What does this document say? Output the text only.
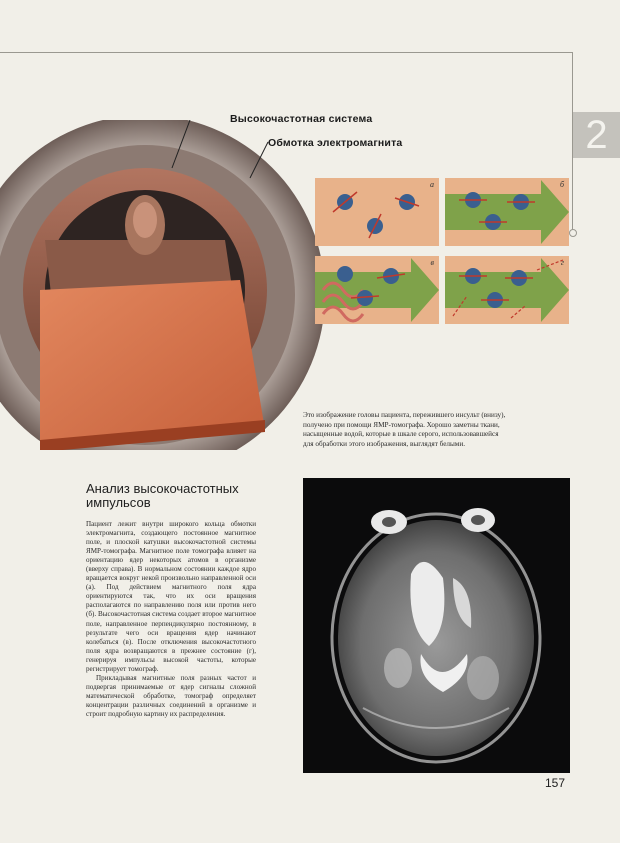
2
Высокочастотная система
Обмотка электромагнита
а	б
в	г
Это изображение головы пациента, пережившего инсульт (внизу), получено при помощи ЯМР-томографа. Хорошо заметны ткани, насыщенные водой, которые в шкале серого, использовавшейся для обработки этого изображения, выглядят белыми.
Анализ высокочастотных импульсов

Пациент лежит внутри широкого кольца обмотки электромагнита, создающего постоянное магнитное поле, и плоской катушки высокочастотной системы ЯМР-томографа. Магнитное поле томографа влияет на ориентацию ядер некоторых атомов в организме (вверху справа). В нормальном состоянии каждое ядро вращается вокруг некой произвольно направленной оси (а). Под действием магнитного поля ядра ориентируются так, что их оси вращения располагаются по направлению поля или против него (б). Высокочастотная система создает второе магнитное поле, направленное перпендикулярно постоянному, в результате чего оси вращения ядер начинают колебаться (в). После отключения высокочастотного поля ядра возвращаются в прежнее состояние (г), генерируя импульсы высокой частоты, которые регистрирует томограф.

Прикладывая магнитные поля разных частот и подвергая принимаемые от ядер сигналы сложной математической обработке, томограф определяет концентрации различных соединений в организме и строит подробную картину их распределения.

157
